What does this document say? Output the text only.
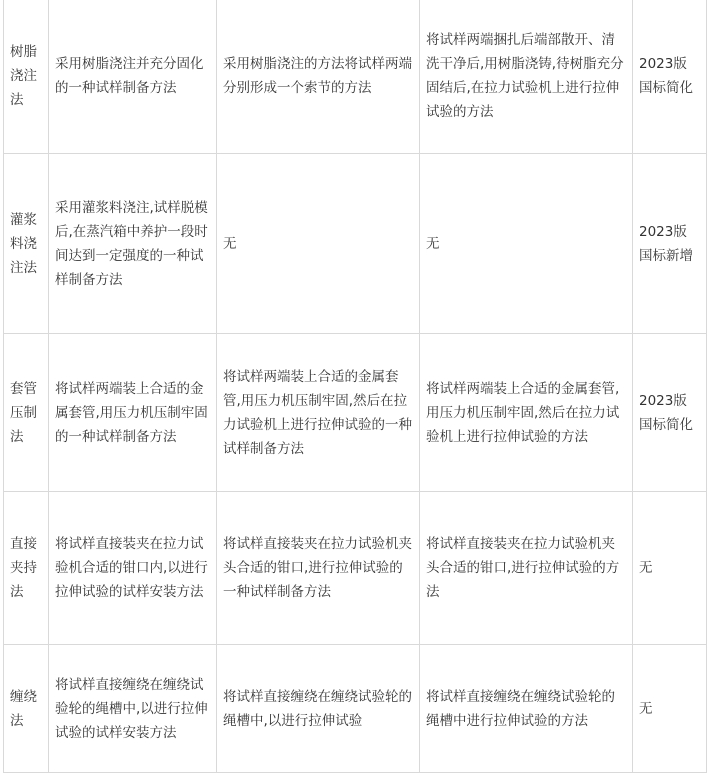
树脂浇注法	采用树脂浇注并充分固化的一种试样制备方法	采用树脂浇注的方法将试样两端分别形成一个索节的方法	将试样两端捆扎后端部散开、清洗干净后,用树脂浇铸,待树脂充分固结后,在拉力试验机上进行拉伸试验的方法	2023版国标简化

灌浆料浇注法	采用灌浆料浇注,试样脱模后,在蒸汽箱中养护一段时间达到一定强度的一种试样制备方法	无	无	2023版国标新增

套管压制法	将试样两端装上合适的金属套管,用压力机压制牢固的一种试样制备方法	将试样两端装上合适的金属套管,用压力机压制牢固,然后在拉力试验机上进行拉伸试验的一种试样制备方法	将试样两端装上合适的金属套管,用压力机压制牢固,然后在拉力试验机上进行拉伸试验的方法	2023版国标简化

直接夹持法	将试样直接装夹在拉力试验机合适的钳口内,以进行拉伸试验的试样安装方法	将试样直接装夹在拉力试验机夹头合适的钳口,进行拉伸试验的一种试样制备方法	将试样直接装夹在拉力试验机夹头合适的钳口,进行拉伸试验的方法	无

缠绕法	将试样直接缠绕在缠绕试验轮的绳槽中,以进行拉伸试验的试样安装方法	将试样直接缠绕在缠绕试验轮的绳槽中,以进行拉伸试验	将试样直接缠绕在缠绕试验轮的绳槽中进行拉伸试验的方法	无
